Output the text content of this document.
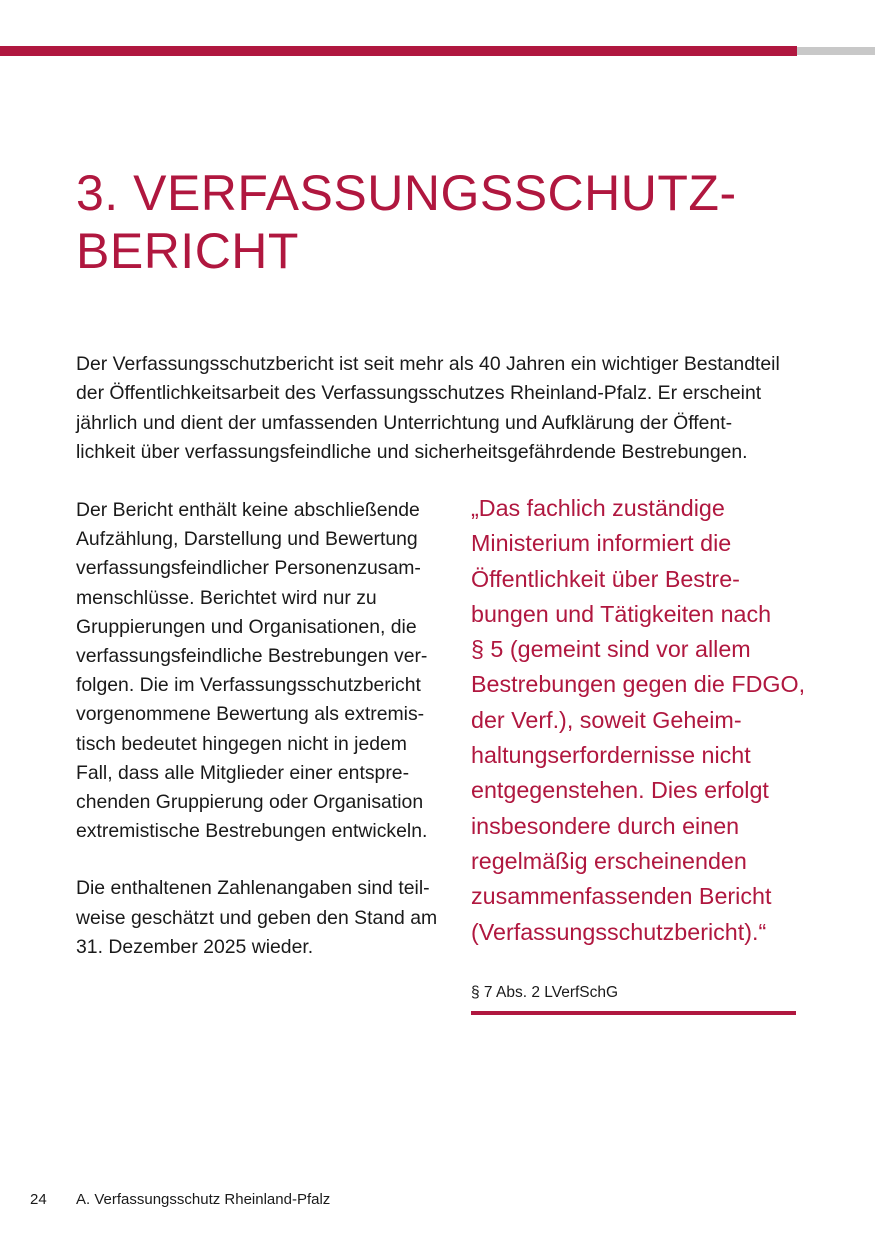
3. VERFASSUNGSSCHUTZ-
BERICHT
Der Verfassungsschutzbericht ist seit mehr als 40 Jahren ein wichtiger Bestandteil
der Öffentlichkeitsarbeit des Verfassungsschutzes Rheinland-Pfalz. Er erscheint
jährlich und dient der umfassenden Unterrichtung und Aufklärung der Öffent-
lichkeit über verfassungsfeindliche und sicherheitsgefährdende Bestrebungen.
Der Bericht enthält keine abschließende
Aufzählung, Darstellung und Bewertung
verfassungsfeindlicher Personenzusam-
menschlüsse. Berichtet wird nur zu
Gruppierungen und Organisationen, die
verfassungsfeindliche Bestrebungen ver-
folgen. Die im Verfassungsschutzbericht
vorgenommene Bewertung als extremis-
tisch bedeutet hingegen nicht in jedem
Fall, dass alle Mitglieder einer entspre-
chenden Gruppierung oder Organisation
extremistische Bestrebungen entwickeln.
Die enthaltenen Zahlenangaben sind teil-
weise geschätzt und geben den Stand am
31. Dezember 2025 wieder.
„Das fachlich zuständige
Ministerium informiert die
Öffentlichkeit über Bestre-
bungen und Tätigkeiten nach
§ 5 (gemeint sind vor allem
Bestrebungen gegen die FDGO,
der Verf.), soweit Geheim-
haltungserfordernisse nicht
entgegenstehen. Dies erfolgt
insbesondere durch einen
regelmäßig erscheinenden
zusammenfassenden Bericht
(Verfassungsschutzbericht).“
§ 7 Abs. 2 LVerfSchG
24 A. Verfassungsschutz Rheinland-Pfalz
